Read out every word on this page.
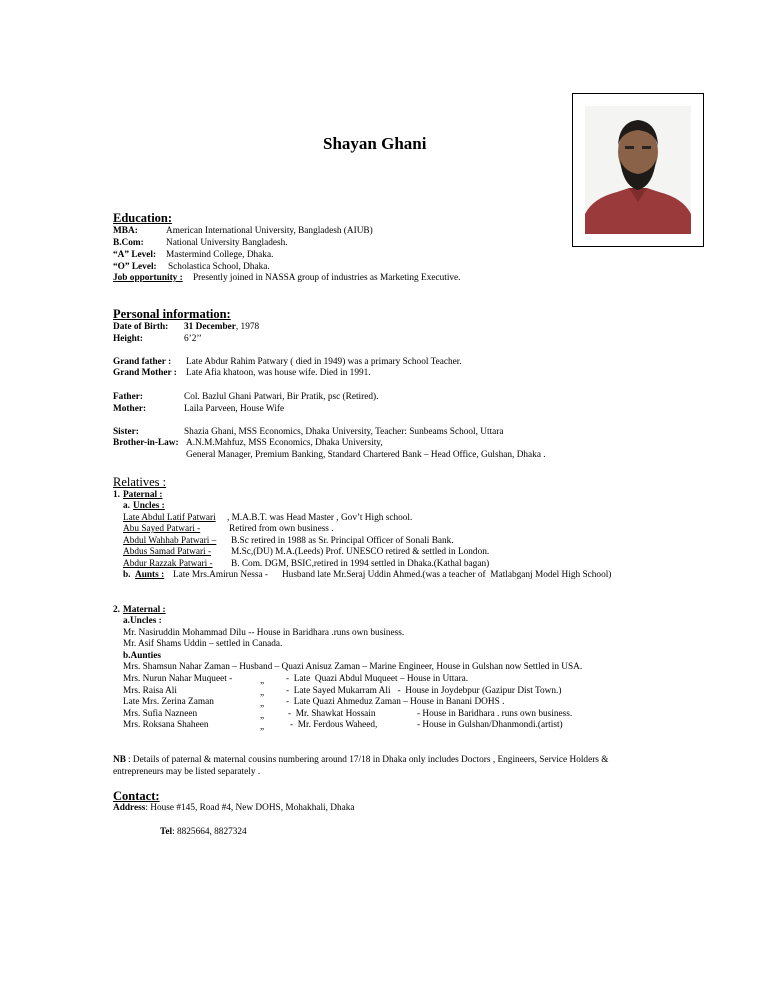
Shayan Ghani
Education:
MBA:	American International University, Bangladesh (AIUB)
B.Com: National University Bangladesh.
“A” Level: Mastermind College, Dhaka.
“O” Level: Scholastica School, Dhaka.
Job opportunity : Presently joined in NASSA group of industries as Marketing Executive.
Personal information:
Date of Birth: 31 December, 1978
Height:	6’2’’
Grand father : Late Abdur Rahim Patwary ( died in 1949) was a primary School Teacher.
Grand Mother : Late Afia khatoon, was house wife. Died in 1991.
Father:	Col. Bazlul Ghani Patwari, Bir Pratik, psc (Retired).
Mother:	Laila Parveen, House Wife
Sister:	Shazia Ghani, MSS Economics, Dhaka University, Teacher: Sunbeams School, Uttara
Brother-in-Law: A.N.M.Mahfuz, MSS Economics, Dhaka University,
General Manager, Premium Banking, Standard Chartered Bank – Head Office, Gulshan, Dhaka .
Relatives :
1. Paternal :
a. Uncles :
Late Abdul Latif Patwari , M.A.B.T. was Head Master , Gov’t High school.
Abu Sayed Patwari -	Retired from own business .
Abdul Wahhab Patwari – B.Sc retired in 1988 as Sr. Principal Officer of Sonali Bank.
Abdus Samad Patwari - M.Sc,(DU) M.A.(Leeds) Prof. UNESCO retired & settled in London.
Abdur Razzak Patwari - B. Com. DGM, BSIC,retired in 1994 settled in Dhaka.(Kathal bagan)
b. Aunts : Late Mrs.Amirun Nessa -      Husband late Mr.Seraj Uddin Ahmed.(was a teacher of  Matlabganj Model High School)
2. Maternal :
a.Uncles :
Mr. Nasiruddin Mohammad Dilu -- House in Baridhara .runs own business.
Mr. Asif Shams Uddin – settled in Canada.
b.Aunties
Mrs. Shamsun Nahar Zaman – Husband – Quazi Anisuz Zaman – Marine Engineer, House in Gulshan now Settled in USA.
Mrs. Nurun Nahar Muqueet -	„ -  Late  Quazi Abdul Muqueet – House in Uttara.
Mrs. Raisa Ali	„ -  Late Sayed Mukarram Ali   -  House in Joydebpur (Gazipur Dist Town.)
Late Mrs. Zerina Zaman	„ -  Late Quazi Ahmeduz Zaman – House in Banani DOHS .
Mrs. Sufia Nazneen	„	-  Mr. Shawkat Hossain	- House in Baridhara . runs own business.
Mrs. Roksana Shaheen	„	-  Mr. Ferdous Waheed,	- House in Gulshan/Dhanmondi.(artist)
NB : Details of paternal & maternal cousins numbering around 17/18 in Dhaka only includes Doctors , Engineers, Service Holders &
entrepreneurs may be listed separately .
Contact:
Address: House #145, Road #4, New DOHS, Mohakhali, Dhaka
Tel: 8825664, 8827324
